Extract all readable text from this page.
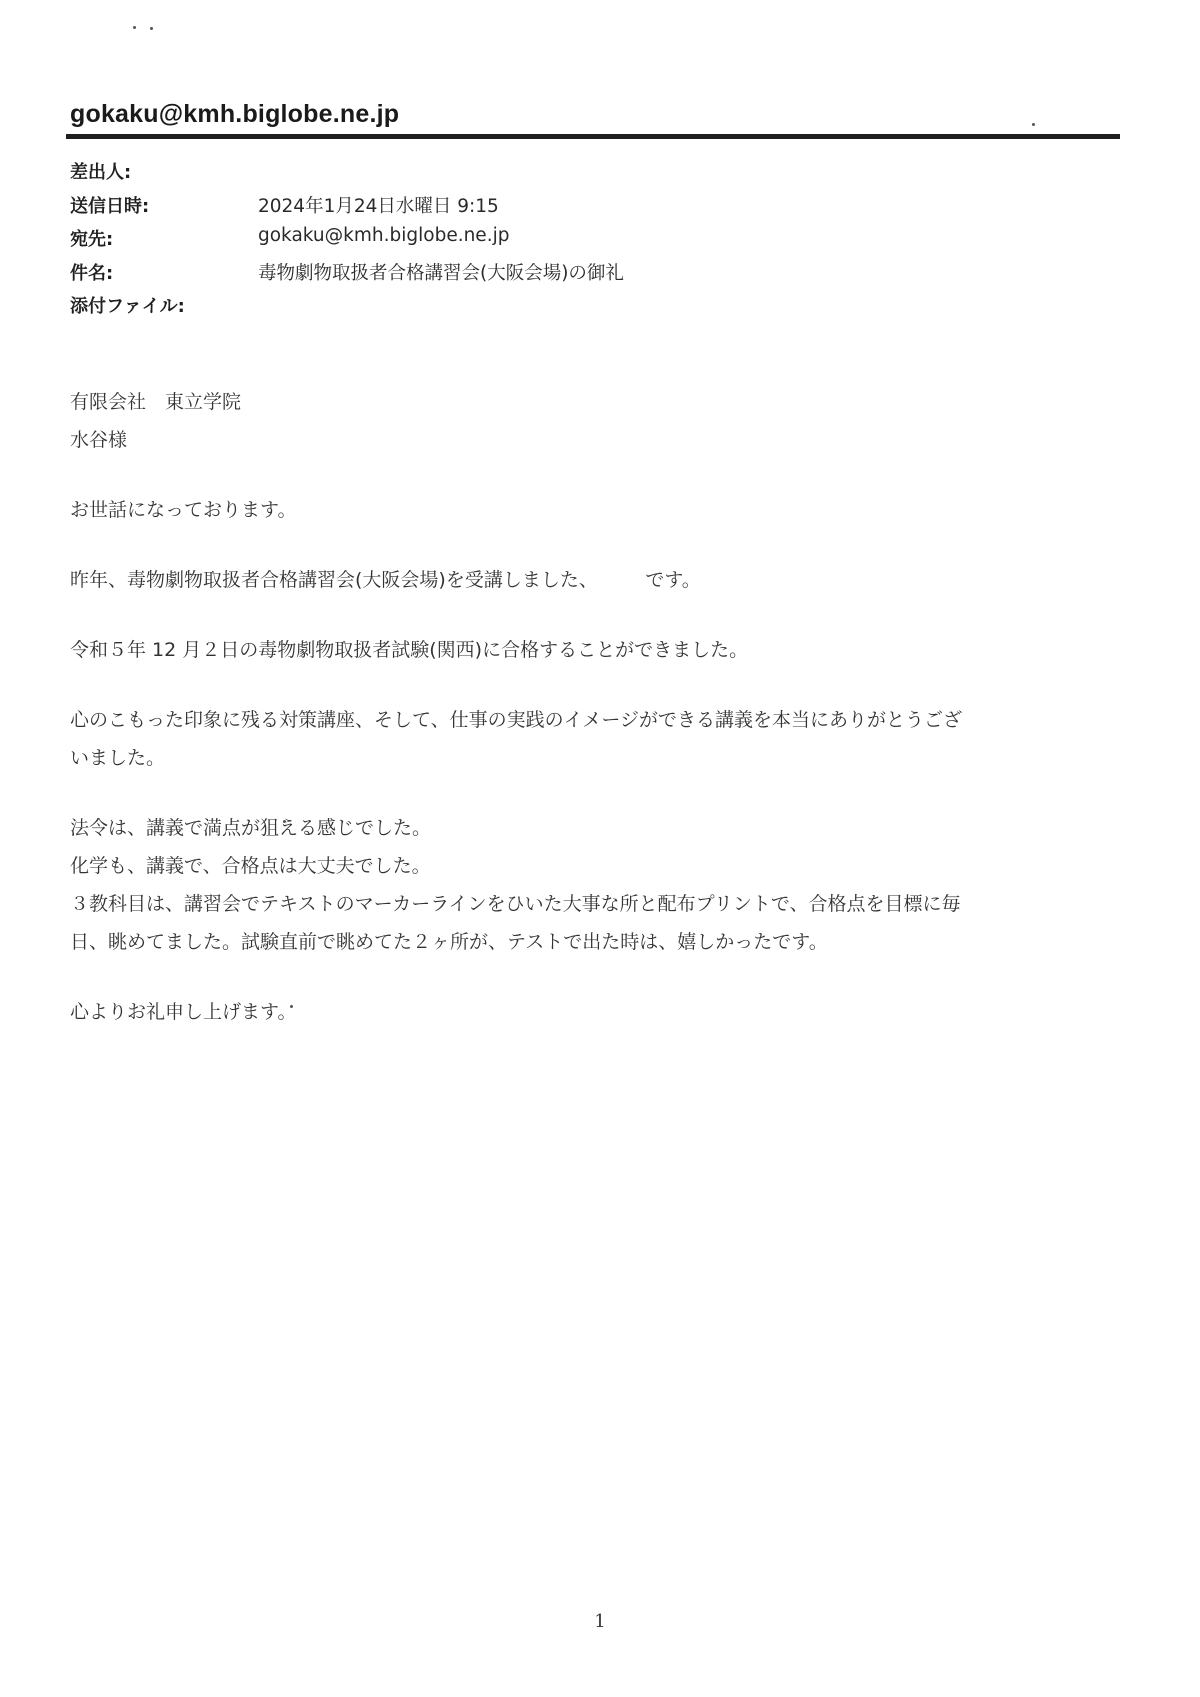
gokaku@kmh.biglobe.ne.jp
差出人:
送信日時:	2024年1月24日水曜日 9:15
宛先:	gokaku@kmh.biglobe.ne.jp
件名:	毒物劇物取扱者合格講習会(大阪会場)の御礼
添付ファイル:
有限会社　東立学院
水谷様
お世話になっております。
昨年、毒物劇物取扱者合格講習会(大阪会場)を受講しました、　　　です。
令和５年 12 月２日の毒物劇物取扱者試験(関西)に合格することができました。
心のこもった印象に残る対策講座、そして、仕事の実践のイメージができる講義を本当にありがとうござ
いました。
法令は、講義で満点が狙える感じでした。
化学も、講義で、合格点は大丈夫でした。
３教科目は、講習会でテキストのマーカーラインをひいた大事な所と配布プリントで、合格点を目標に毎
日、眺めてました。試験直前で眺めてた２ヶ所が、テストで出た時は、嬉しかったです。
心よりお礼申し上げます。
1
